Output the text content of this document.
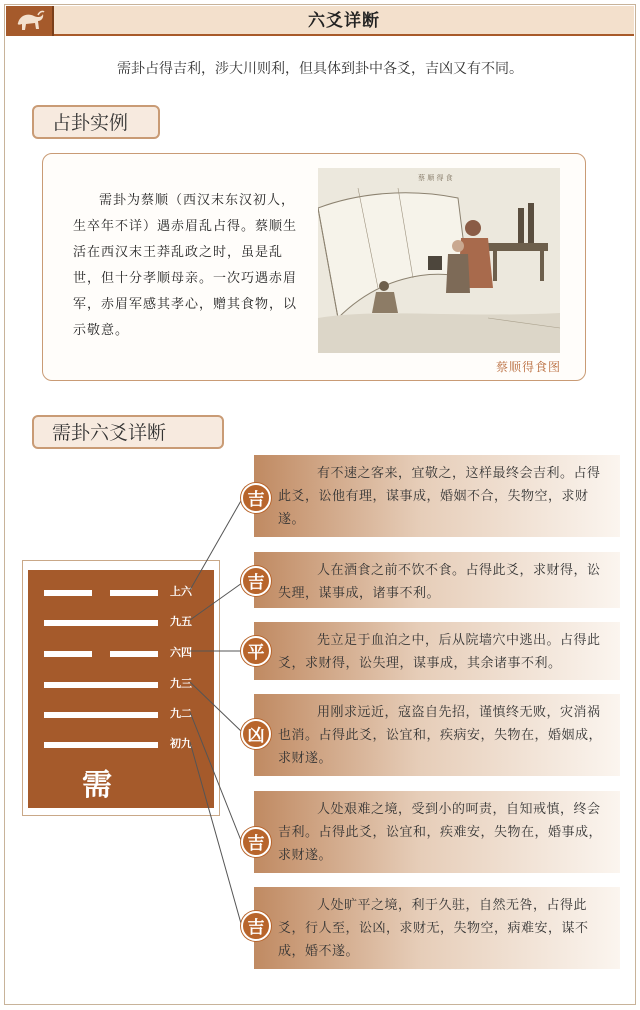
六爻详断
需卦占得吉利，涉大川则利，但具体到卦中各爻，吉凶又有不同。
占卦实例
需卦为蔡顺（西汉末东汉初人，生卒年不详）遇赤眉乱占得。蔡顺生活在西汉末王莽乱政之时，虽是乱世，但十分孝顺母亲。一次巧遇赤眉军，赤眉军感其孝心，赠其食物，以示敬意。
蔡 顺 得 食
蔡顺得食图
需卦六爻详断
上六
九五
六四
九三
九二
初九
需
有不速之客来，宜敬之，这样最终会吉利。占得此爻，讼他有理，谋事成，婚姻不合，失物空，求财遂。
人在酒食之前不饮不食。占得此爻，求财得，讼失理，谋事成，诸事不利。
先立足于血泊之中，后从院墙穴中逃出。占得此爻，求财得，讼失理，谋事成，其余诸事不利。
用刚求远近，寇盗自先招，谨慎终无败，灾消祸也消。占得此爻，讼宜和，疾病安，失物在，婚姻成，求财遂。
人处艰难之境，受到小的呵责，自知戒慎，终会吉利。占得此爻，讼宜和，疾难安，失物在，婚事成，求财遂。
人处旷平之境，利于久驻，自然无咎，占得此爻，行人至，讼凶，求财无，失物空，病难安，谋不成，婚不遂。
吉
吉
平
凶
吉
吉
